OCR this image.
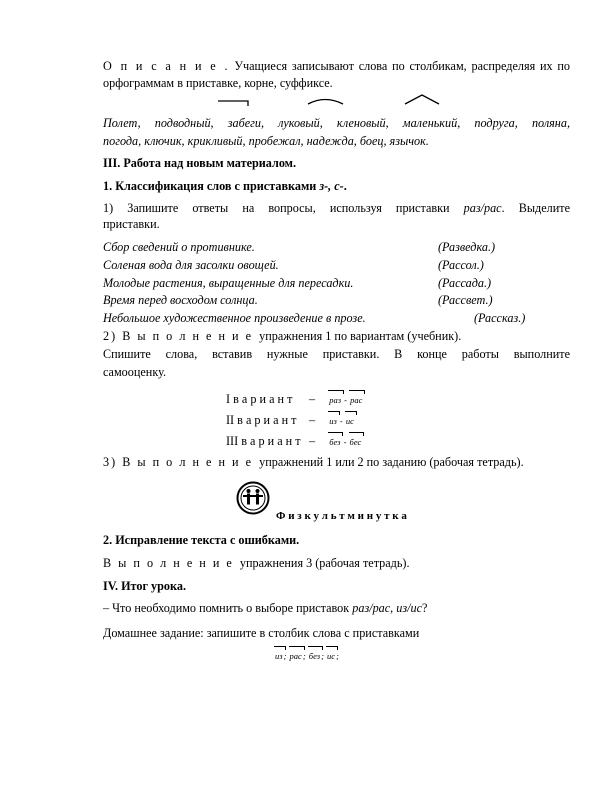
О п и с а н и е . Учащиеся записывают слова по столбикам, распределяя их по
орфограммам в приставке, корне, суффиксе.
Полет, подводный, забеги, луковый, кленовый, маленький, подруга, поляна,
погода, ключик, крикливый, пробежал, надежда, боец, язычок.
III. Работа над новым материалом.
1. Классификация слов с приставками з-, с-.
1) Запишите ответы на вопросы, используя приставки раз/рас. Выделите
приставки.
Сбор сведений о противнике.	(Разведка.)
Соленая вода для засолки овощей.	(Рассол.)
Молодые растения, выращенные для пересадки.	(Рассада.)
Время перед восходом солнца.	(Рассвет.)
Небольшое художественное произведение в прозе.	(Рассказ.)
2) В ы п о л н е н и е упражнения 1 по вариантам (учебник).
Спишите слова, вставив нужные приставки. В конце работы выполните
самооценку.
I в а р и а н т – раз - рас
II в а р и а н т – из - ис
III в а р и а н т – без - бес
3) В ы п о л н е н и е упражнений 1 или 2 по заданию (рабочая тетрадь).
Ф и з к у л ь т м и н у т к а
2. Исправление текста с ошибками.
В ы п о л н е н и е упражнения 3 (рабочая тетрадь).
IV. Итог урока.
– Что необходимо помнить о выборе приставок раз/рас, из/ис?
Домашнее задание: запишите в столбик слова с приставками
из; рас; без; ис;
